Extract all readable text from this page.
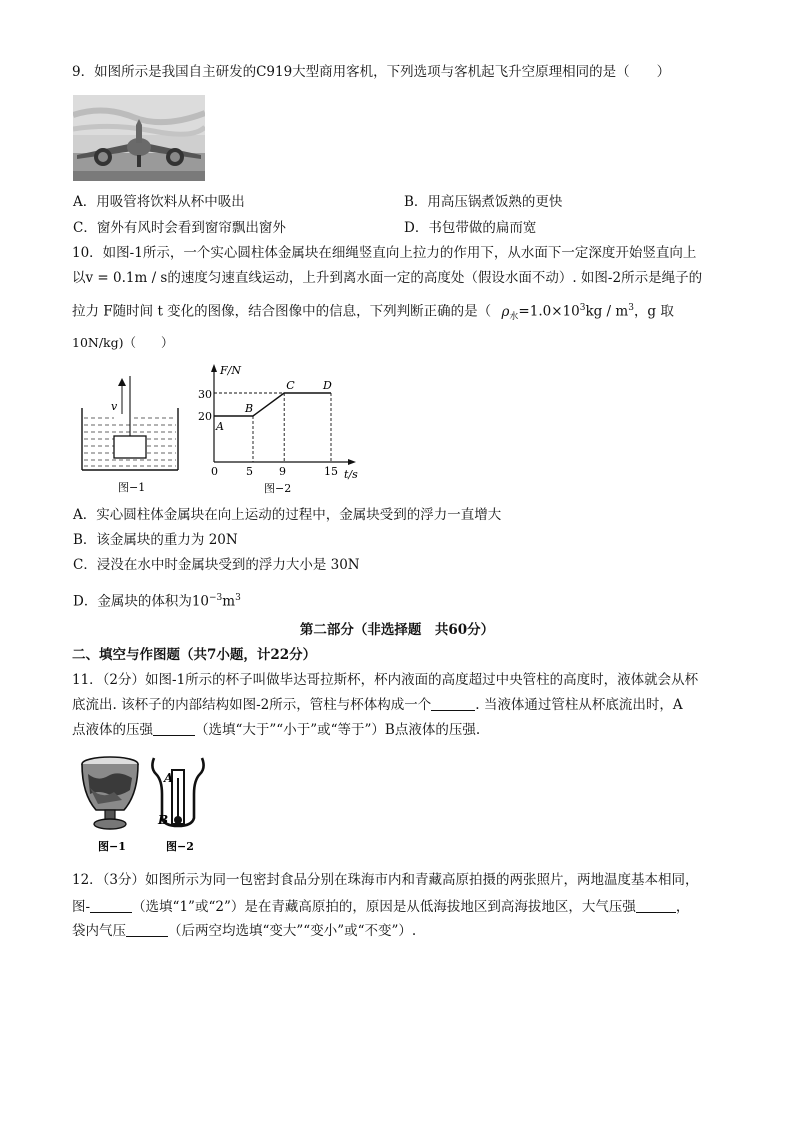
9．如图所示是我国自主研发的C919大型商用客机，下列选项与客机起飞升空原理相同的是（　　）
A．用吸管将饮料从杯中吸出	B．用高压锅煮饭熟的更快
C．窗外有风时会看到窗帘飘出窗外	D．书包带做的扁而宽
10．如图-1所示，一个实心圆柱体金属块在细绳竖直向上拉力的作用下，从水面下一定深度开始竖直向上
以v = 0.1m / s的速度匀速直线运动，上升到离水面一定的高度处（假设水面不动）. 如图-2所示是绳子的
拉力 F随时间 t 变化的图像，结合图像中的信息，下列判断正确的是（ $\rho_水=1.0\times 10^3kg / m^3$，g 取
10N/kg)（　　）
v
图−1
F/N
t/s
30
20
0	5 9	15
A
B
C	D
图−2
A．实心圆柱体金属块在向上运动的过程中，金属块受到的浮力一直增大
B．该金属块的重力为 20N
C．浸没在水中时金属块受到的浮力大小是 30N
D．金属块的体积为$10^{-3}m^3$
第二部分（非选择题　共60分）
二、填空与作图题（共7小题，计22分）
11．（2分）如图-1所示的杯子叫做毕达哥拉斯杯，杯内液面的高度超过中央管柱的高度时，液体就会从杯
底流出. 该杯子的内部结构如图-2所示，管柱与杯体构成一个	. 当液体通过管柱从杯底流出时，A
点液体的压强	（选填“大于”“小于”或“等于”）B点液体的压强.
图−1
A
B
图−2
12．（3分）如图所示为同一包密封食品分别在珠海市内和青藏高原拍摄的两张照片，两地温度基本相同，
图-	（选填“1”或“2”）是在青藏高原拍的，原因是从低海拔地区到高海拔地区，大气压强	，
袋内气压	（后两空均选填“变大”“变小”或“不变”）.
